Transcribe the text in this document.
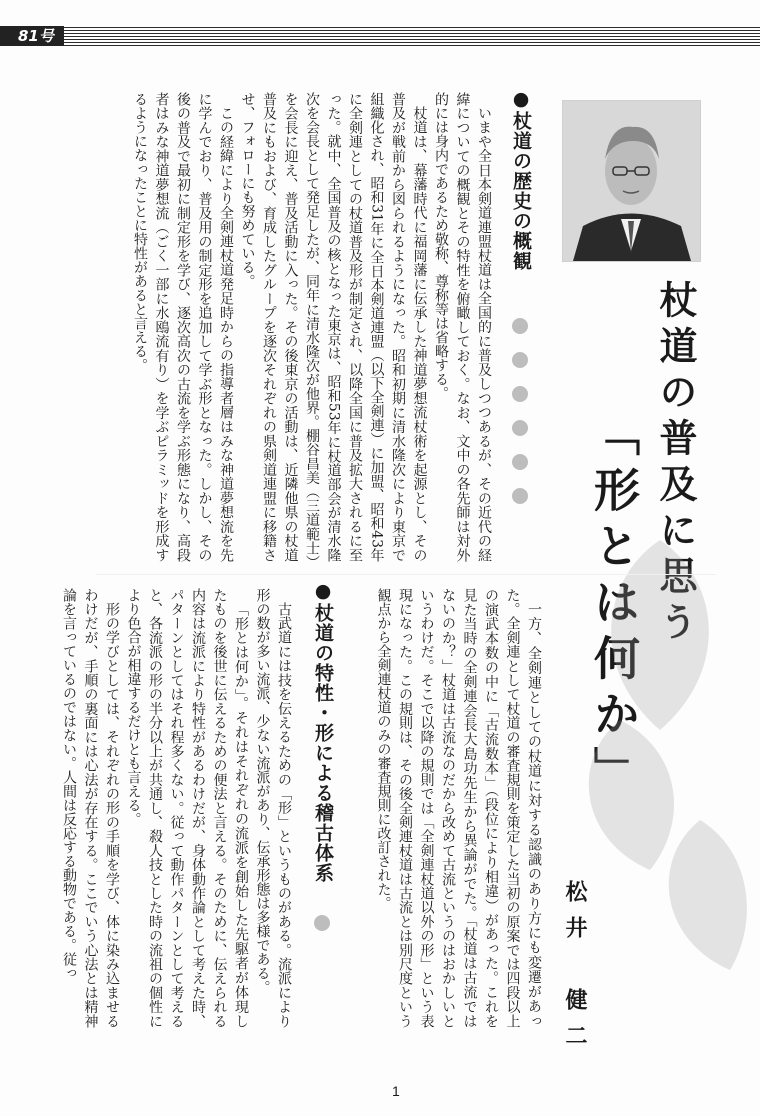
81号
●杖道の歴史の概観

いまや全日本剣道連盟杖道は全国的に普及しつつあるが、その近代の経緯についての概観とその特性を俯瞰しておく。なお、文中の各先師は対外的には身内であるため敬称、尊称等は省略する。

杖道は、幕藩時代に福岡藩に伝承した神道夢想流杖術を起源とし、その普及が戦前から図られるようになった。昭和初期に清水隆次により東京で組織化され、昭和31年に全日本剣道連盟（以下全剣連）に加盟、昭和43年に全剣連としての杖道普及形が制定され、以降全国に普及拡大されるに至った。就中、全国普及の核となった東京は、昭和53年に杖道部会が清水隆次を会長として発足したが、同年に清水隆次が他界。棚谷昌美（三道範士）を会長に迎え、普及活動に入った。その後東京の活動は、近隣他県の杖道普及にもおよび、育成したグループを逐次それぞれの県剣道連盟に移籍させ、フォローにも努めている。

この経緯により全剣連杖道発足時からの指導者層はみな神道夢想流を先に学んでおり、普及用の制定形を追加して学ぶ形となった。しかし、その後の普及で最初に制定形を学び、逐次高次の古流を学ぶ形態になり、高段者はみな神道夢想流（ごく一部に水鴎流有り）を学ぶピラミッドを形成するようになったことに特性があると言える。

杖道の普及に思う
「形とは何か」
松井　健二

一方、全剣連としての杖道に対する認識のあり方にも変遷があった。全剣連として杖道の審査規則を策定した当初の原案では四段以上の演武本数の中に「古流数本」（段位により相違）があった。これを見た当時の全剣連会長大島功先生から異論がでた。「杖道は古流ではないのか？」杖道は古流なのだから改めて古流というのはおかしいというわけだ。そこで以降の規則では「全剣連杖道以外の形」という表現になった。この規則は、その後全剣連杖道は古流とは別尺度という観点から全剣連杖道のみの審査規則に改訂された。

●杖道の特性・形による稽古体系

古武道には技を伝えるための「形」というものがある。流派により形の数が多い流派、少ない流派があり、伝承形態は多様である。

「形とは何か」。それはそれぞれの流派を創始した先駆者が体現したものを後世に伝えるための便法と言える。そのために、伝えられる内容は流派により特性があるわけだが、身体動作論として考えた時、パターンとしてはそれ程多くない。従って動作パターンとして考えると、各流派の形の半分以上が共通し、殺人技とした時の流祖の個性により色合が相違するだけとも言える。

形の学びとしては、それぞれの形の手順を学び、体に染み込ませるわけだが、手順の裏面には心法が存在する。ここでいう心法とは精神論を言っているのではない。人間は反応する動物である。従っ

1
